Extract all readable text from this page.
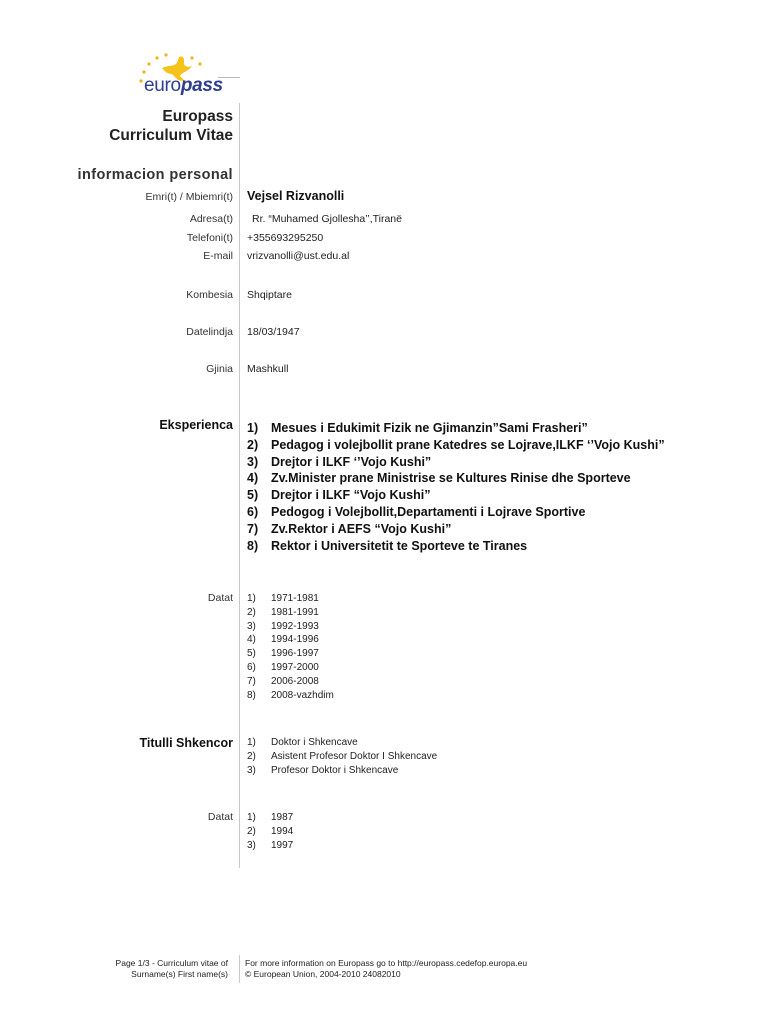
europass
Europass
Curriculum Vitae
informacion personal
Emri(t) / Mbiemri(t) Vejsel Rizvanolli
Adresa(t) Rr. “Muhamed Gjollesha’’,Tiranë
Telefoni(t) +355693295250
E-mail vrizvanolli@ust.edu.al
Kombesia Shqiptare
Datelindja 18/03/1947
Gjinia Mashkull
Eksperienca 1) Mesues i Edukimit Fizik ne Gjimanzin”Sami Frasheri”
2) Pedagog i volejbollit prane Katedres se Lojrave,ILKF ‘’Vojo Kushi”
3) Drejtor i ILKF ‘’Vojo Kushi”
4) Zv.Minister prane Ministrise se Kultures Rinise dhe Sporteve
5) Drejtor i ILKF “Vojo Kushi”
6) Pedogog i Volejbollit,Departamenti i Lojrave Sportive
7) Zv.Rektor i AEFS “Vojo Kushi”
8) Rektor i Universitetit te Sporteve te Tiranes
Datat 1) 1971-1981
2) 1981-1991
3) 1992-1993
4) 1994-1996
5) 1996-1997
6) 1997-2000
7) 2006-2008
8) 2008-vazhdim
Titulli Shkencor 1) Doktor i Shkencave
2) Asistent Profesor Doktor I Shkencave
3) Profesor Doktor i Shkencave
Datat 1) 1987
2) 1994
3) 1997
Page 1/3 - Curriculum vitae of
Surname(s) First name(s)
For more information on Europass go to http://europass.cedefop.europa.eu
© European Union, 2004-2010 24082010
